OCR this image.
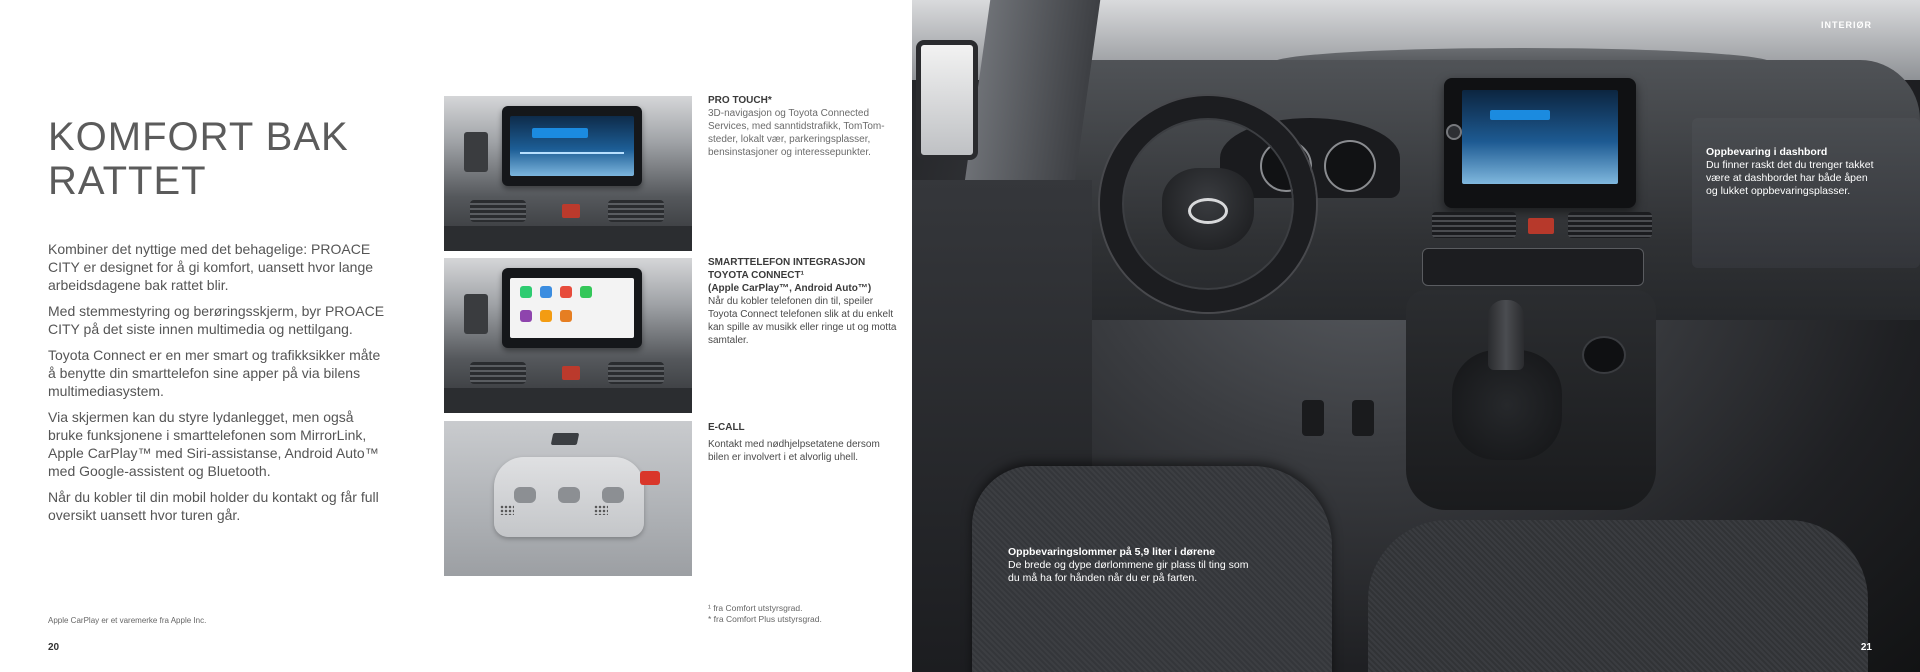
KOMFORT BAK
RATTET

Kombiner det nyttige med det behagelige: PROACE CITY er designet for å gi komfort, uansett hvor lange arbeidsdagene bak rattet blir.

Med stemmestyring og berøringsskjerm, byr PROACE CITY på det siste innen multimedia og nettilgang.

Toyota Connect er en mer smart og trafikksikker måte å benytte din smarttelefon sine apper på via bilens multimediasystem.

Via skjermen kan du styre lydanlegget, men også bruke funksjonene i smarttelefonen som MirrorLink, Apple CarPlay™ med Siri-assistanse, Android Auto™ med Google-assistent og Bluetooth.

Når du kobler til din mobil holder du kontakt og får full oversikt uansett hvor turen går.

Apple CarPlay er et varemerke fra Apple Inc.
20
PRO TOUCH*
3D-navigasjon og Toyota Connected Services, med sanntidstrafikk, TomTom-steder, lokalt vær, parkeringsplasser, bensinstasjoner og interessepunkter.
SMARTTELEFON INTEGRASJON TOYOTA CONNECT¹
(Apple CarPlay™, Android Auto™)
Når du kobler telefonen din til, speiler Toyota Connect telefonen slik at du enkelt kan spille av musikk eller ringe ut og motta samtaler.
E-CALL
Kontakt med nødhjelpsetatene dersom bilen er involvert i et alvorlig uhell.
¹ fra Comfort utstyrsgrad.
* fra Comfort Plus utstyrsgrad.
INTERIØR
Oppbevaring i dashbord
Du finner raskt det du trenger takket være at dashbordet har både åpen og lukket oppbevaringsplasser.
Oppbevaringslommer på 5,9 liter i dørene
De brede og dype dørlommene gir plass til ting som du må ha for hånden når du er på farten.
21
